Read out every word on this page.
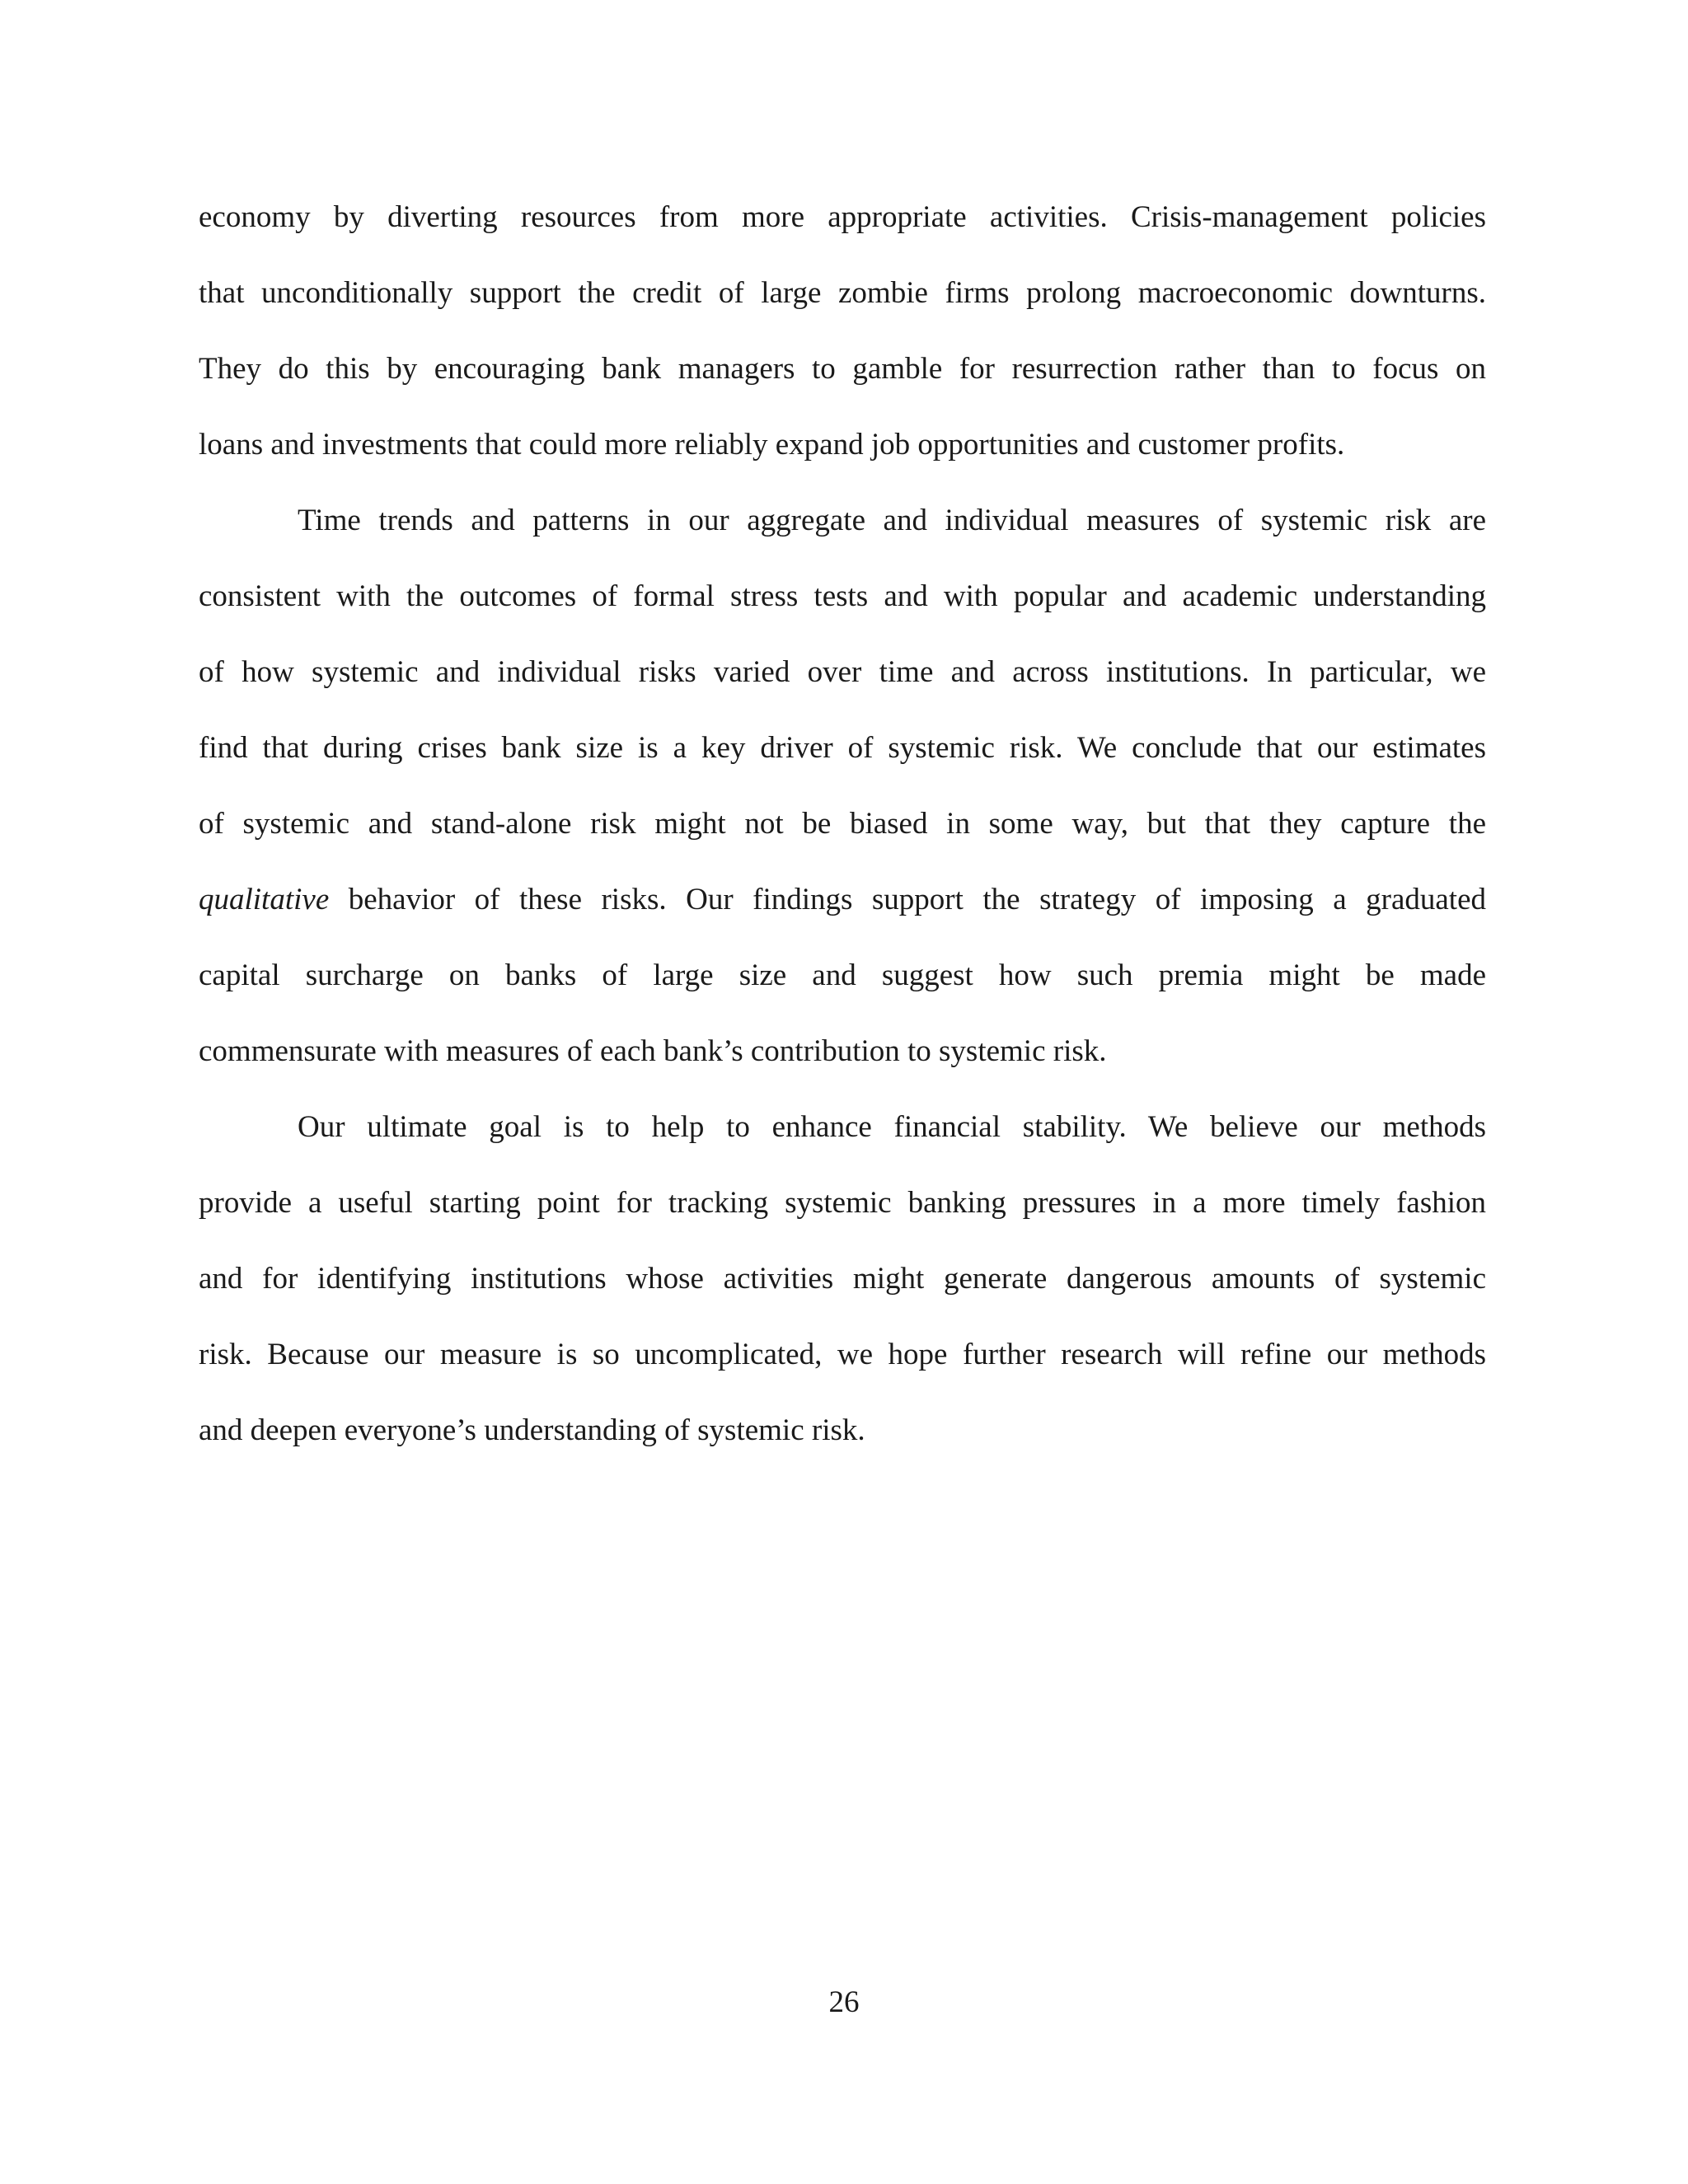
economy by diverting resources from more appropriate activities. Crisis-management policies
that unconditionally support the credit of large zombie firms prolong macroeconomic downturns.
They do this by encouraging bank managers to gamble for resurrection rather than to focus on
loans and investments that could more reliably expand job opportunities and customer profits.
Time trends and patterns in our aggregate and individual measures of systemic risk are
consistent with the outcomes of formal stress tests and with popular and academic understanding
of how systemic and individual risks varied over time and across institutions. In particular, we
find that during crises bank size is a key driver of systemic risk. We conclude that our estimates
of systemic and stand-alone risk might not be biased in some way, but that they capture the
qualitative behavior of these risks. Our findings support the strategy of imposing a graduated
capital surcharge on banks of large size and suggest how such premia might be made
commensurate with measures of each bank’s contribution to systemic risk.
Our ultimate goal is to help to enhance financial stability. We believe our methods
provide a useful starting point for tracking systemic banking pressures in a more timely fashion
and for identifying institutions whose activities might generate dangerous amounts of systemic
risk. Because our measure is so uncomplicated, we hope further research will refine our methods
and deepen everyone’s understanding of systemic risk.
26
